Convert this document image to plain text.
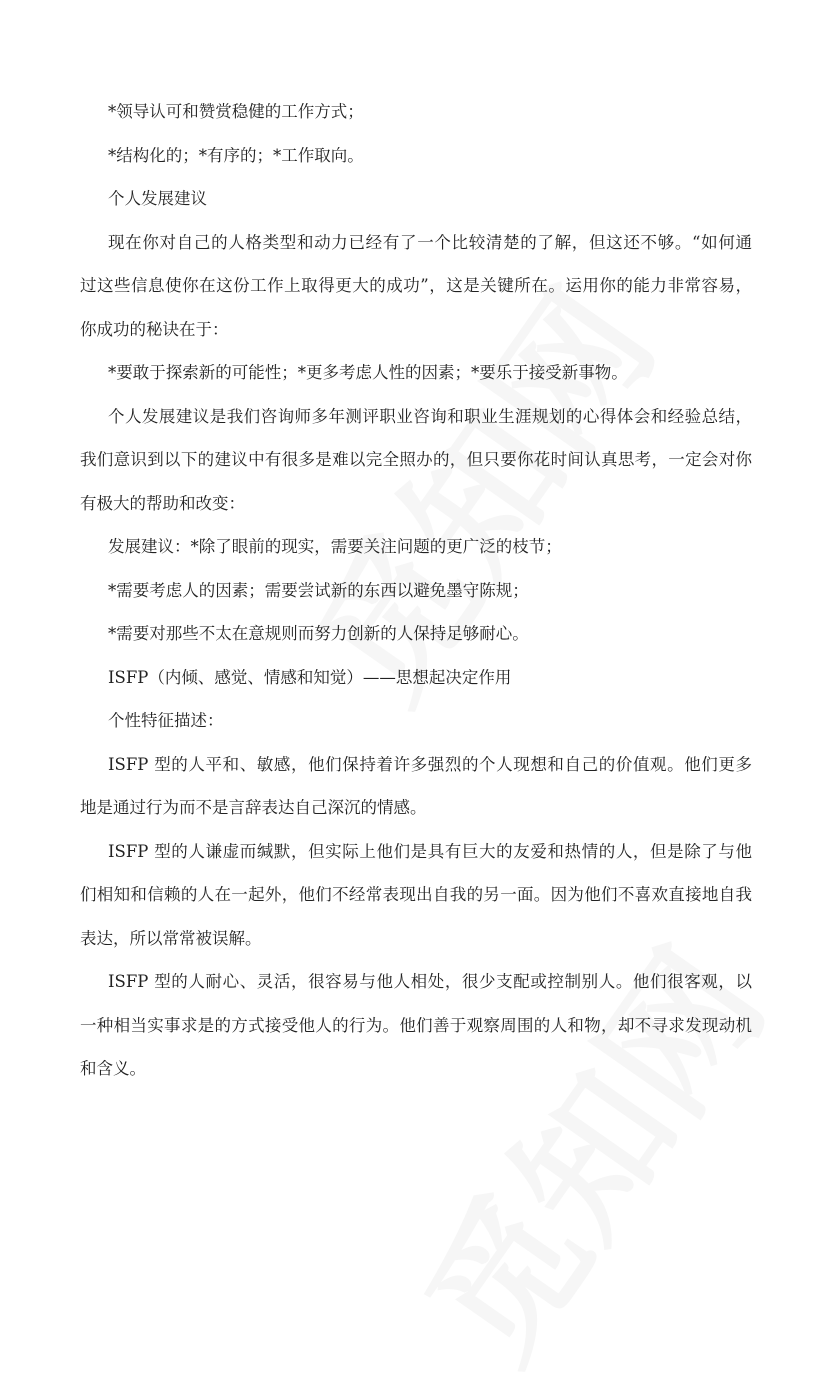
*领导认可和赞赏稳健的工作方式；
*结构化的；*有序的；*工作取向。
个人发展建议
现在你对自己的人格类型和动力已经有了一个比较清楚的了解，但这还不够。“如何通
过这些信息使你在这份工作上取得更大的成功”，这是关键所在。运用你的能力非常容易，
你成功的秘诀在于：
*要敢于探索新的可能性；*更多考虑人性的因素；*要乐于接受新事物。
个人发展建议是我们咨询师多年测评职业咨询和职业生涯规划的心得体会和经验总结，
我们意识到以下的建议中有很多是难以完全照办的，但只要你花时间认真思考，一定会对你
有极大的帮助和改变：
发展建议：*除了眼前的现实，需要关注问题的更广泛的枝节；
*需要考虑人的因素；需要尝试新的东西以避免墨守陈规；
*需要对那些不太在意规则而努力创新的人保持足够耐心。
ISFP（内倾、感觉、情感和知觉）——思想起决定作用
个性特征描述：
ISFP 型的人平和、敏感，他们保持着许多强烈的个人现想和自己的价值观。他们更多
地是通过行为而不是言辞表达自己深沉的情感。
ISFP 型的人谦虚而缄默，但实际上他们是具有巨大的友爱和热情的人，但是除了与他
们相知和信赖的人在一起外，他们不经常表现出自我的另一面。因为他们不喜欢直接地自我
表达，所以常常被误解。
ISFP 型的人耐心、灵活，很容易与他人相处，很少支配或控制别人。他们很客观，以
一种相当实事求是的方式接受他人的行为。他们善于观察周围的人和物，却不寻求发现动机
和含义。
